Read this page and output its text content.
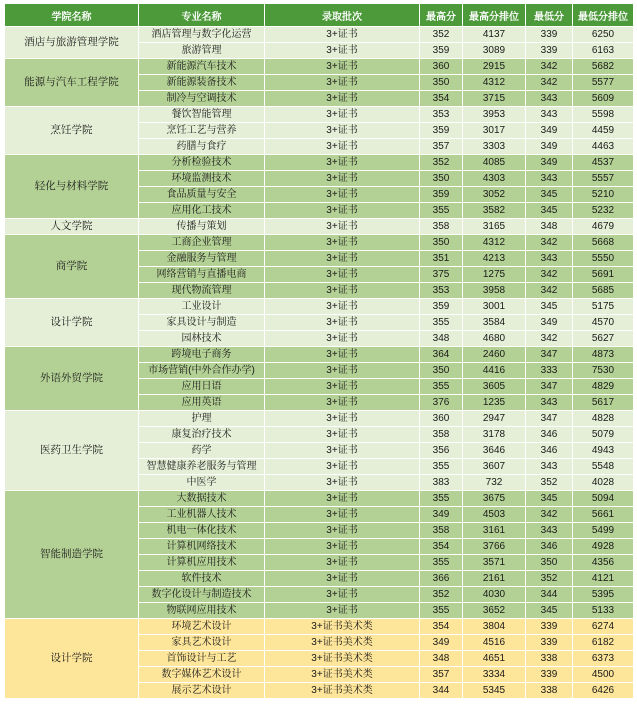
学院名称	专业名称	录取批次	最高分	最高分排位	最低分	最低分排位
酒店与旅游管理学院	酒店管理与数字化运营	3+证书	352	4137	339	6250
	旅游管理	3+证书	359	3089	339	6163
能源与汽车工程学院	新能源汽车技术	3+证书	360	2915	342	5682
	新能源装备技术	3+证书	350	4312	342	5577
	制冷与空调技术	3+证书	354	3715	343	5609
烹饪学院	餐饮智能管理	3+证书	353	3953	343	5598
	烹饪工艺与营养	3+证书	359	3017	349	4459
	药膳与食疗	3+证书	357	3303	349	4463
轻化与材料学院	分析检验技术	3+证书	352	4085	349	4537
	环境监测技术	3+证书	350	4303	343	5557
	食品质量与安全	3+证书	359	3052	345	5210
	应用化工技术	3+证书	355	3582	345	5232
人文学院	传播与策划	3+证书	358	3165	348	4679
商学院	工商企业管理	3+证书	350	4312	342	5668
	金融服务与管理	3+证书	351	4213	343	5550
	网络营销与直播电商	3+证书	375	1275	342	5691
	现代物流管理	3+证书	353	3958	342	5685
设计学院	工业设计	3+证书	359	3001	345	5175
	家具设计与制造	3+证书	355	3584	349	4570
	园林技术	3+证书	348	4680	342	5627
外语外贸学院	跨境电子商务	3+证书	364	2460	347	4873
	市场营销(中外合作办学)	3+证书	350	4416	333	7530
	应用日语	3+证书	355	3605	347	4829
	应用英语	3+证书	376	1235	343	5617
医药卫生学院	护理	3+证书	360	2947	347	4828
	康复治疗技术	3+证书	358	3178	346	5079
	药学	3+证书	356	3646	346	4943
	智慧健康养老服务与管理	3+证书	355	3607	343	5548
	中医学	3+证书	383	732	352	4028
智能制造学院	大数据技术	3+证书	355	3675	345	5094
	工业机器人技术	3+证书	349	4503	342	5661
	机电一体化技术	3+证书	358	3161	343	5499
	计算机网络技术	3+证书	354	3766	346	4928
	计算机应用技术	3+证书	355	3571	350	4356
	软件技术	3+证书	366	2161	352	4121
	数字化设计与制造技术	3+证书	352	4030	344	5395
	物联网应用技术	3+证书	355	3652	345	5133
设计学院	环境艺术设计	3+证书美术类	354	3804	339	6274
	家具艺术设计	3+证书美术类	349	4516	339	6182
	首饰设计与工艺	3+证书美术类	348	4651	338	6373
	数字媒体艺术设计	3+证书美术类	357	3334	339	4500
	展示艺术设计	3+证书美术类	344	5345	338	6426
